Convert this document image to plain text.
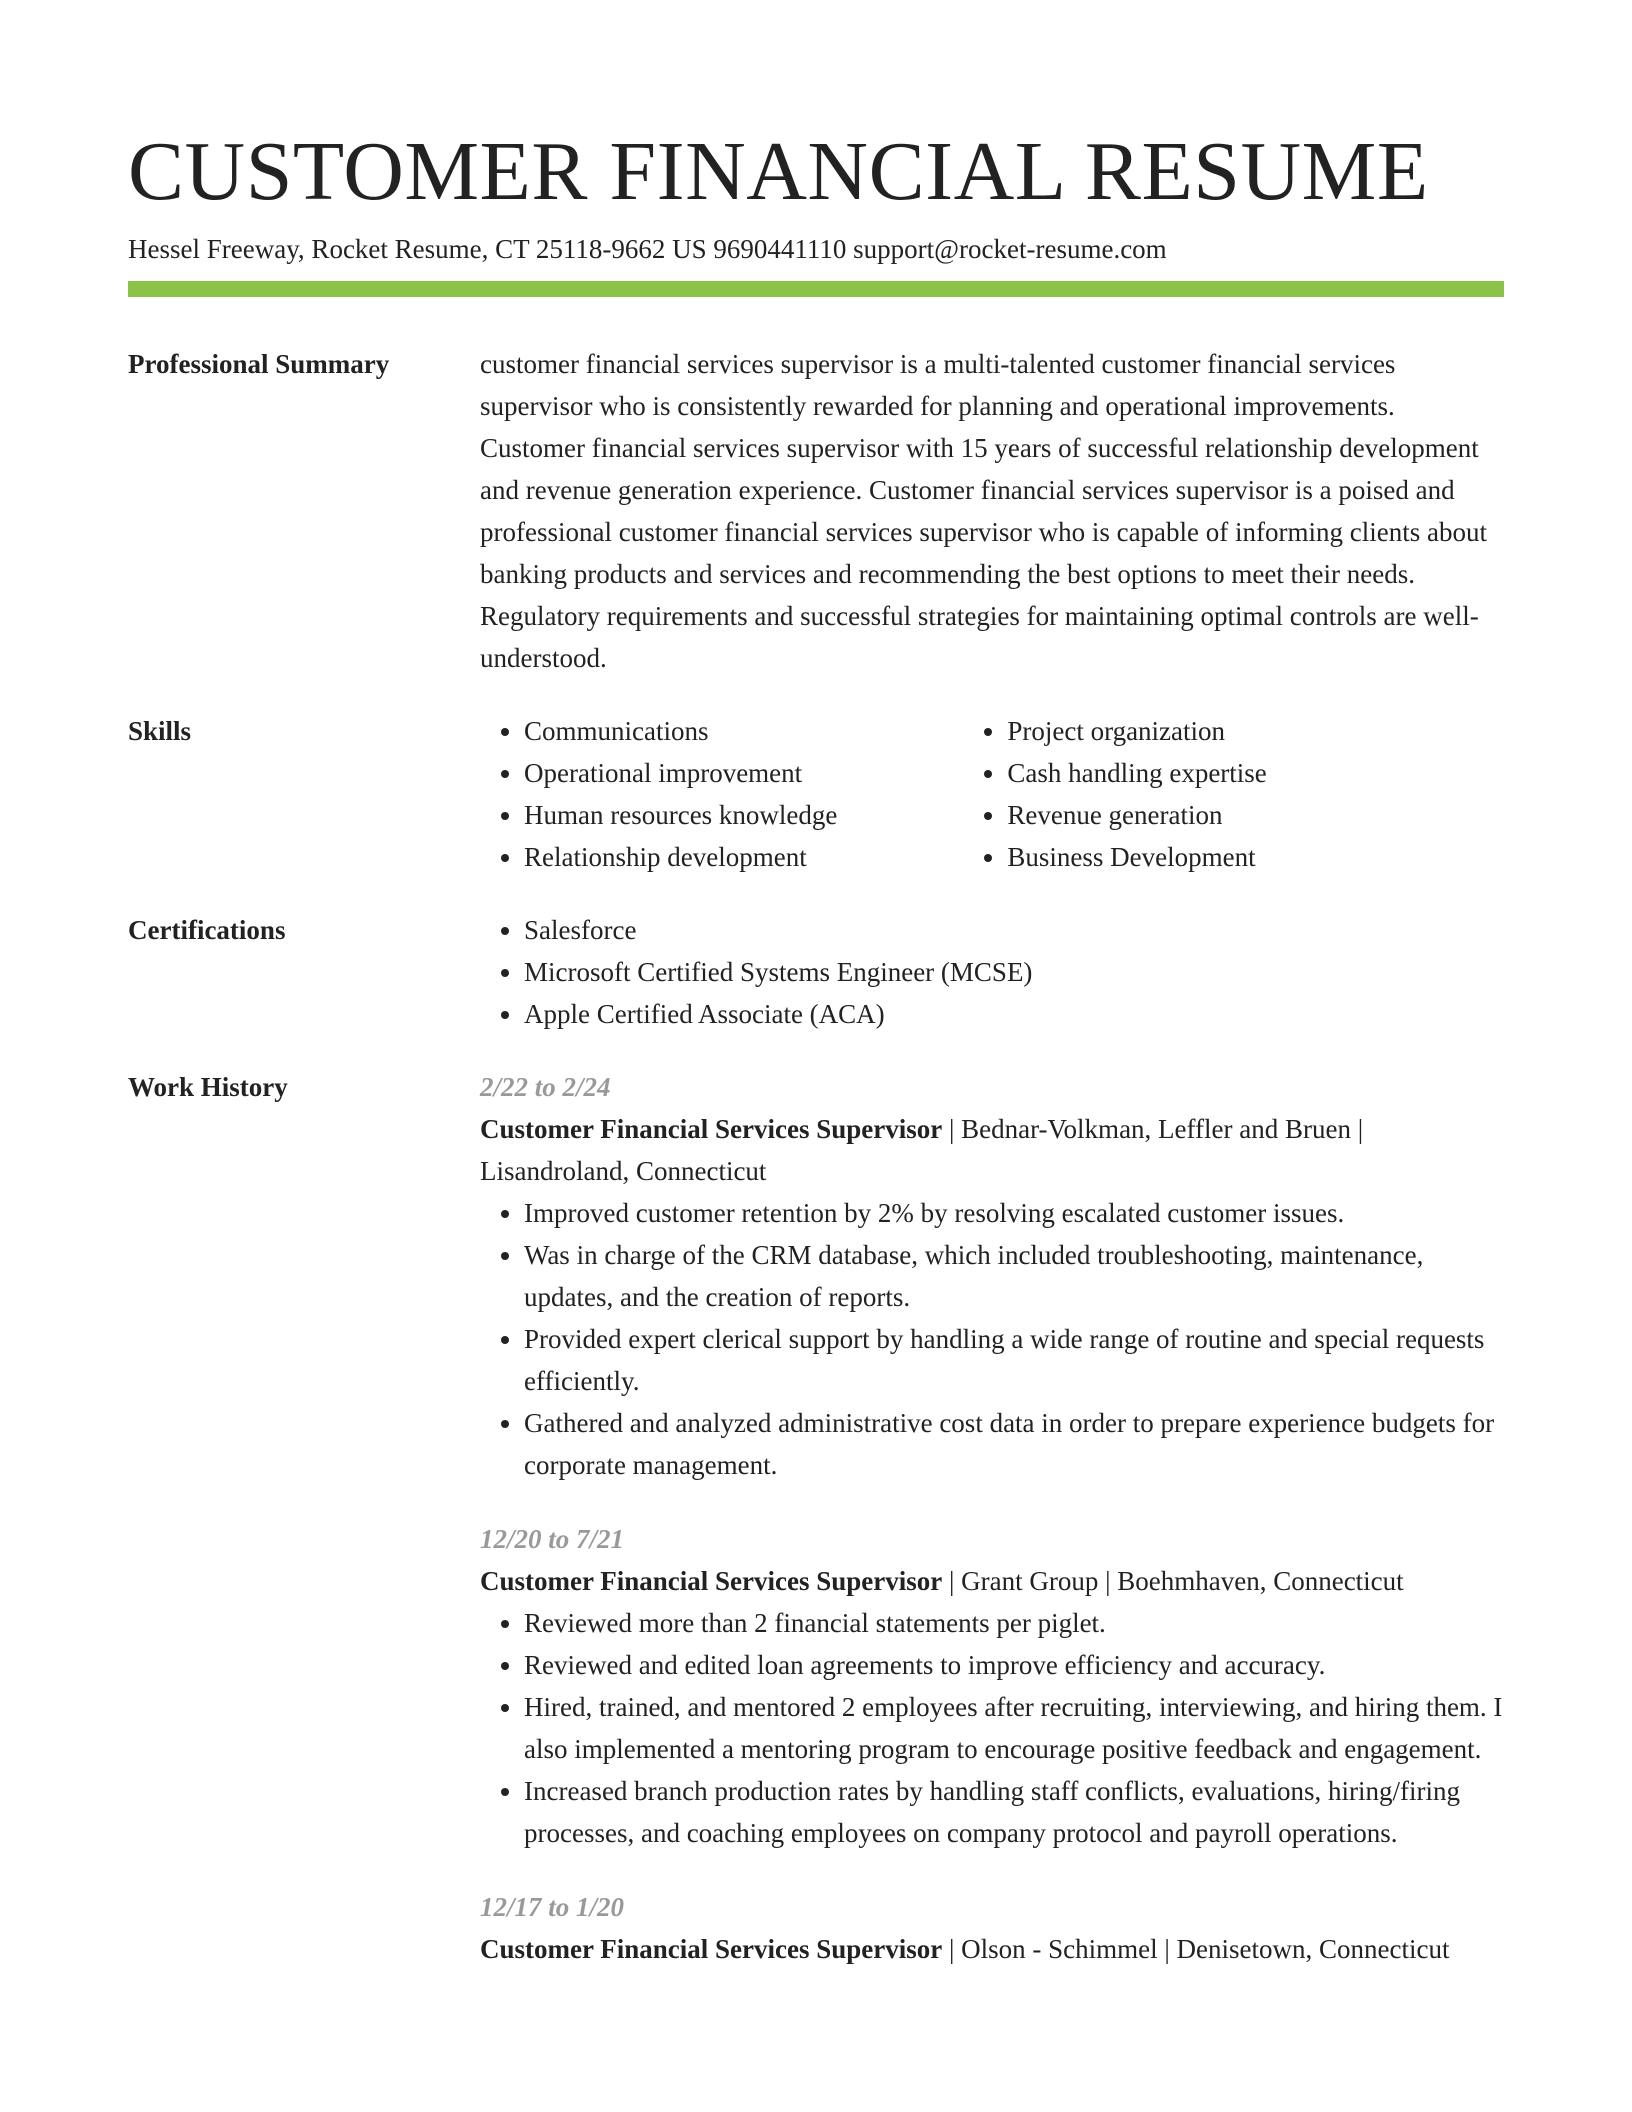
CUSTOMER FINANCIAL RESUME
Hessel Freeway, Rocket Resume, CT 25118-9662 US 9690441110 support@rocket-resume.com
Professional Summary	customer financial services supervisor is a multi-talented customer financial services supervisor who is consistently rewarded for planning and operational improvements. Customer financial services supervisor with 15 years of successful relationship development and revenue generation experience. Customer financial services supervisor is a poised and professional customer financial services supervisor who is capable of informing clients about banking products and services and recommending the best options to meet their needs. Regulatory requirements and successful strategies for maintaining optimal controls are well-understood.

Skills	• Communications
• Operational improvement
• Human resources knowledge
• Relationship development
• Project organization
• Cash handling expertise
• Revenue generation
• Business Development
Certifications	• Salesforce
• Microsoft Certified Systems Engineer (MCSE)
• Apple Certified Associate (ACA)
Work History	2/22 to 2/24
Customer Financial Services Supervisor | Bednar-Volkman, Leffler and Bruen | Lisandroland, Connecticut
• Improved customer retention by 2% by resolving escalated customer issues.
• Was in charge of the CRM database, which included troubleshooting, maintenance, updates, and the creation of reports.
• Provided expert clerical support by handling a wide range of routine and special requests efficiently.
• Gathered and analyzed administrative cost data in order to prepare experience budgets for corporate management.
12/20 to 7/21
Customer Financial Services Supervisor | Grant Group | Boehmhaven, Connecticut
• Reviewed more than 2 financial statements per piglet.
• Reviewed and edited loan agreements to improve efficiency and accuracy.
• Hired, trained, and mentored 2 employees after recruiting, interviewing, and hiring them. I also implemented a mentoring program to encourage positive feedback and engagement.
• Increased branch production rates by handling staff conflicts, evaluations, hiring/firing processes, and coaching employees on company protocol and payroll operations.
12/17 to 1/20
Customer Financial Services Supervisor | Olson - Schimmel | Denisetown, Connecticut
